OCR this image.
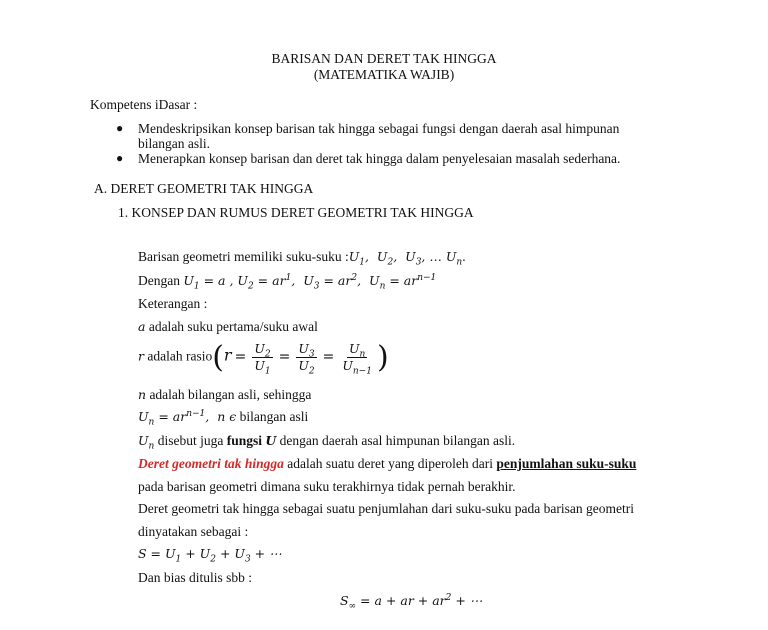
BARISAN DAN DERET TAK HINGGA
(MATEMATIKA WAJIB)
Kompetens iDasar :
● Mendeskripsikan konsep barisan tak hingga sebagai fungsi dengan daerah asal himpunan
bilangan asli.
● Menerapkan konsep barisan dan deret tak hingga dalam penyelesaian masalah sederhana.
A. DERET GEOMETRI TAK HINGGA
1. KONSEP DAN RUMUS DERET GEOMETRI TAK HINGGA
Barisan geometri memiliki suku-suku $:U_1$,  $U_2$,  $U_3$, … $U_n$.
Dengan $U_1 = a$ , $U_2 = ar^1$,  $U_3 = ar^2$,  $U_n = ar^{n-1}$
Keterangan :
a adalah suku pertama/suku awal
r adalah rasio(r = $\frac{U_2}{U_1} = \frac{U_3}{U_2} = \frac{U_n}{U_{n-1}}$ )
n adalah bilangan asli, sehingga
$U_n = ar^{n-1}$,  n ϵ bilangan asli
$U_n$ disebut juga fungsi U dengan daerah asal himpunan bilangan asli.
Deret geometri tak hingga adalah suatu deret yang diperoleh dari penjumlahan suku-suku
pada barisan geometri dimana suku terakhirnya tidak pernah berakhir.
Deret geometri tak hingga sebagai suatu penjumlahan dari suku-suku pada barisan geometri
dinyatakan sebagai :
$S = U_1 + U_2 + U_3$ + ⋯
Dan bias ditulis sbb :
$S_\infty = a$ + ar + $ar^2$ + ⋯
